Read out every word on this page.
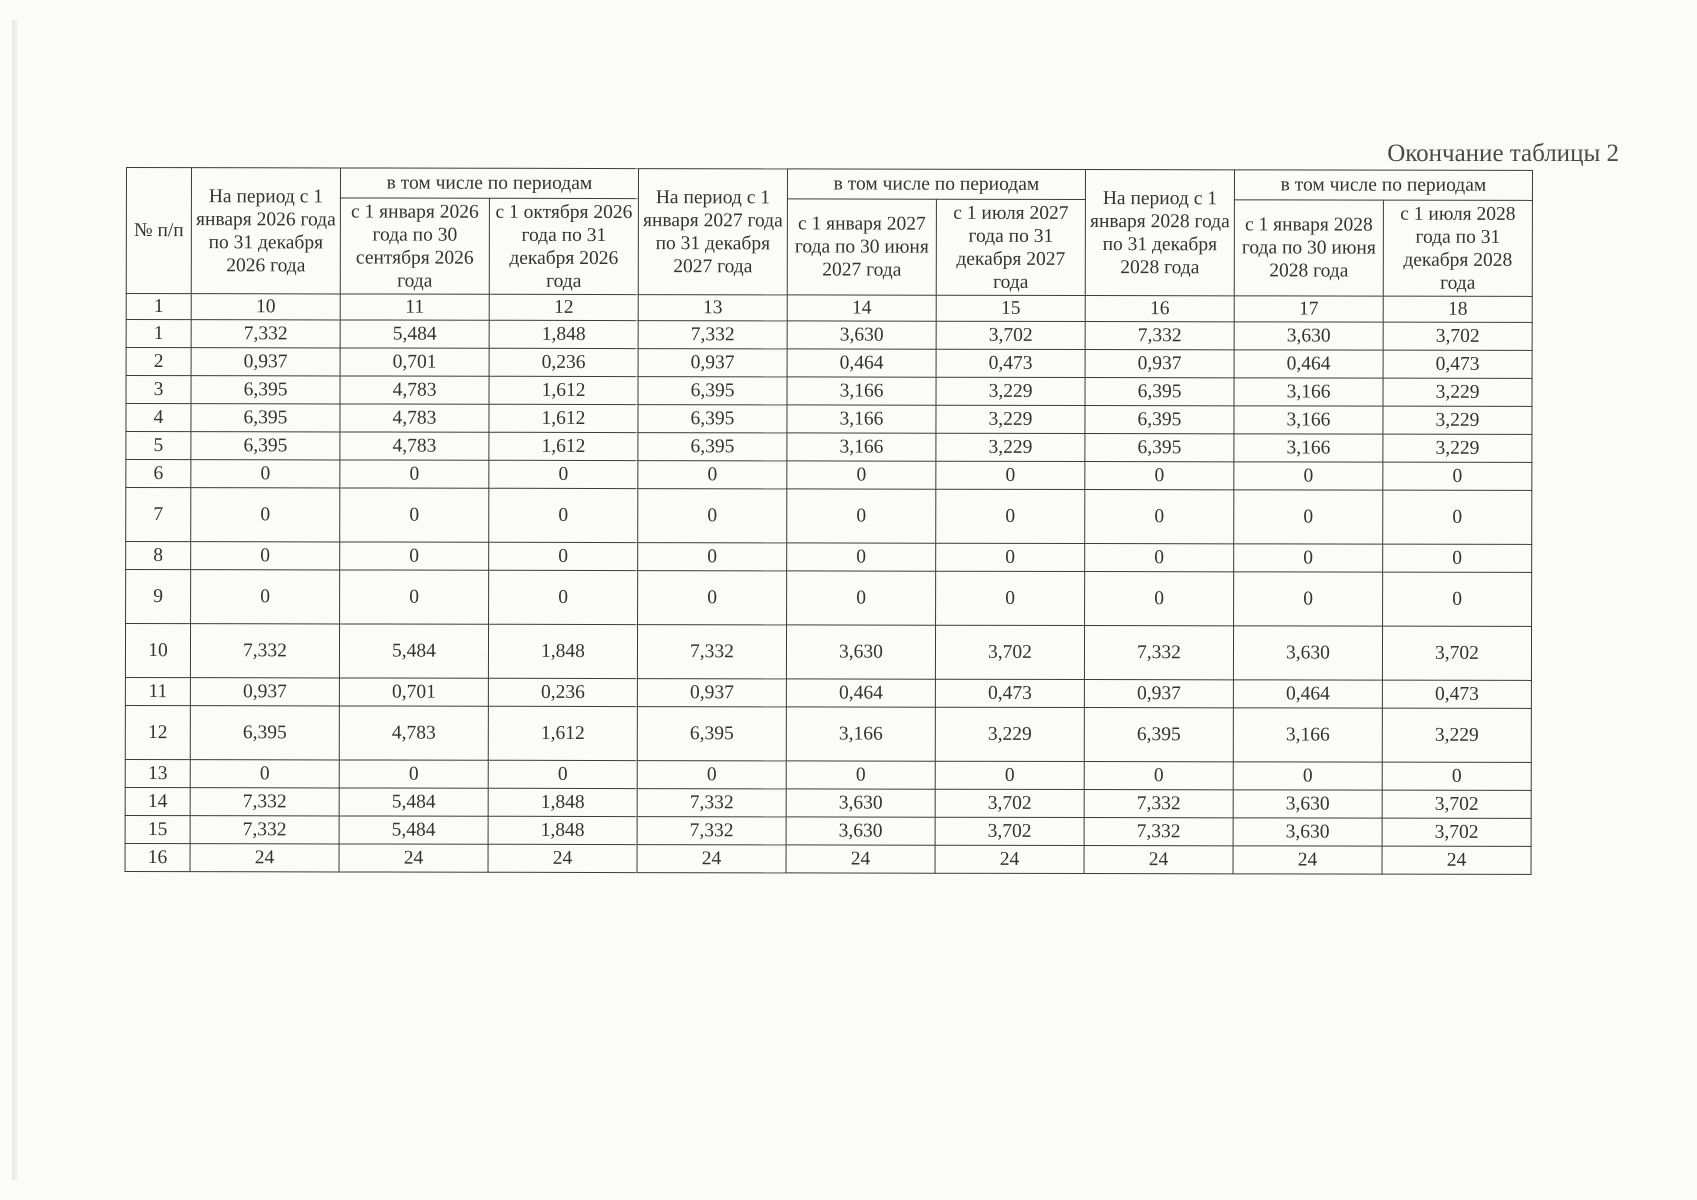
Окончание таблицы 2
№ п/п	На период с 1 января 2026 года по 31 декабря 2026 года	в том числе по периодам		На период с 1 января 2027 года по 31 декабря 2027 года	в том числе по периодам		На период с 1 января 2028 года по 31 декабря 2028 года	в том числе по периодам	
		с 1 января 2026 года по 30 сентября 2026 года	с 1 октября 2026 года по 31 декабря 2026 года		с 1 января 2027 года по 30 июня 2027 года	с 1 июля 2027 года по 31 декабря 2027 года		с 1 января 2028 года по 30 июня 2028 года	с 1 июля 2028 года по 31 декабря 2028 года
1	10	11	12	13	14	15	16	17	18
1	7,332	5,484	1,848	7,332	3,630	3,702	7,332	3,630	3,702
2	0,937	0,701	0,236	0,937	0,464	0,473	0,937	0,464	0,473
3	6,395	4,783	1,612	6,395	3,166	3,229	6,395	3,166	3,229
4	6,395	4,783	1,612	6,395	3,166	3,229	6,395	3,166	3,229
5	6,395	4,783	1,612	6,395	3,166	3,229	6,395	3,166	3,229
6	0	0	0	0	0	0	0	0	0
7	0	0	0	0	0	0	0	0	0
8	0	0	0	0	0	0	0	0	0
9	0	0	0	0	0	0	0	0	0
10	7,332	5,484	1,848	7,332	3,630	3,702	7,332	3,630	3,702
11	0,937	0,701	0,236	0,937	0,464	0,473	0,937	0,464	0,473
12	6,395	4,783	1,612	6,395	3,166	3,229	6,395	3,166	3,229
13	0	0	0	0	0	0	0	0	0
14	7,332	5,484	1,848	7,332	3,630	3,702	7,332	3,630	3,702
15	7,332	5,484	1,848	7,332	3,630	3,702	7,332	3,630	3,702
16	24	24	24	24	24	24	24	24	24
